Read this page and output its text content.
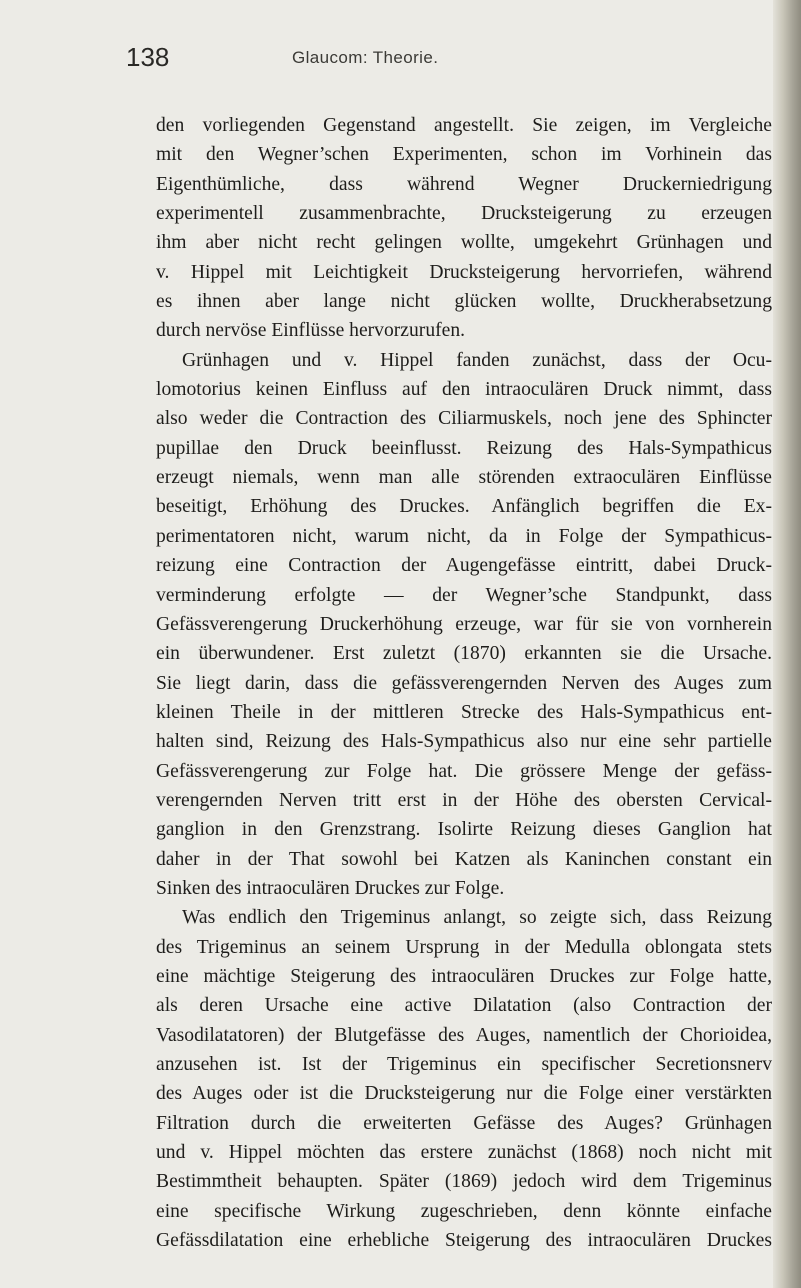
138	Glaucom: Theorie.
den vorliegenden Gegenstand angestellt. Sie zeigen, im Vergleiche
mit den Wegner’schen Experimenten, schon im Vorhinein das
Eigenthümliche, dass während Wegner Druckerniedrigung
experimentell zusammenbrachte, Drucksteigerung zu erzeugen
ihm aber nicht recht gelingen wollte, umgekehrt Grünhagen und
v. Hippel mit Leichtigkeit Drucksteigerung hervorriefen, während
es ihnen aber lange nicht glücken wollte, Druckherabsetzung
durch nervöse Einflüsse hervorzurufen.
Grünhagen und v. Hippel fanden zunächst, dass der Ocu-
lomotorius keinen Einfluss auf den intraoculären Druck nimmt, dass
also weder die Contraction des Ciliarmuskels, noch jene des Sphincter
pupillae den Druck beeinflusst. Reizung des Hals-Sympathicus
erzeugt niemals, wenn man alle störenden extraoculären Einflüsse
beseitigt, Erhöhung des Druckes. Anfänglich begriffen die Ex-
perimentatoren nicht, warum nicht, da in Folge der Sympathicus-
reizung eine Contraction der Augengefässe eintritt, dabei Druck-
verminderung erfolgte — der Wegner’sche Standpunkt, dass
Gefässverengerung Druckerhöhung erzeuge, war für sie von vornherein
ein überwundener. Erst zuletzt (1870) erkannten sie die Ursache.
Sie liegt darin, dass die gefässverengernden Nerven des Auges zum
kleinen Theile in der mittleren Strecke des Hals-Sympathicus ent-
halten sind, Reizung des Hals-Sympathicus also nur eine sehr partielle
Gefässverengerung zur Folge hat. Die grössere Menge der gefäss-
verengernden Nerven tritt erst in der Höhe des obersten Cervical-
ganglion in den Grenzstrang. Isolirte Reizung dieses Ganglion hat
daher in der That sowohl bei Katzen als Kaninchen constant ein
Sinken des intraoculären Druckes zur Folge.
Was endlich den Trigeminus anlangt, so zeigte sich, dass Reizung
des Trigeminus an seinem Ursprung in der Medulla oblongata stets
eine mächtige Steigerung des intraoculären Druckes zur Folge hatte,
als deren Ursache eine active Dilatation (also Contraction der
Vasodilatatoren) der Blutgefässe des Auges, namentlich der Chorioidea,
anzusehen ist. Ist der Trigeminus ein specifischer Secretionsnerv
des Auges oder ist die Drucksteigerung nur die Folge einer verstärkten
Filtration durch die erweiterten Gefässe des Auges? Grünhagen
und v. Hippel möchten das erstere zunächst (1868) noch nicht mit
Bestimmtheit behaupten. Später (1869) jedoch wird dem Trigeminus
eine specifische Wirkung zugeschrieben, denn könnte einfache
Gefässdilatation eine erhebliche Steigerung des intraoculären Druckes
